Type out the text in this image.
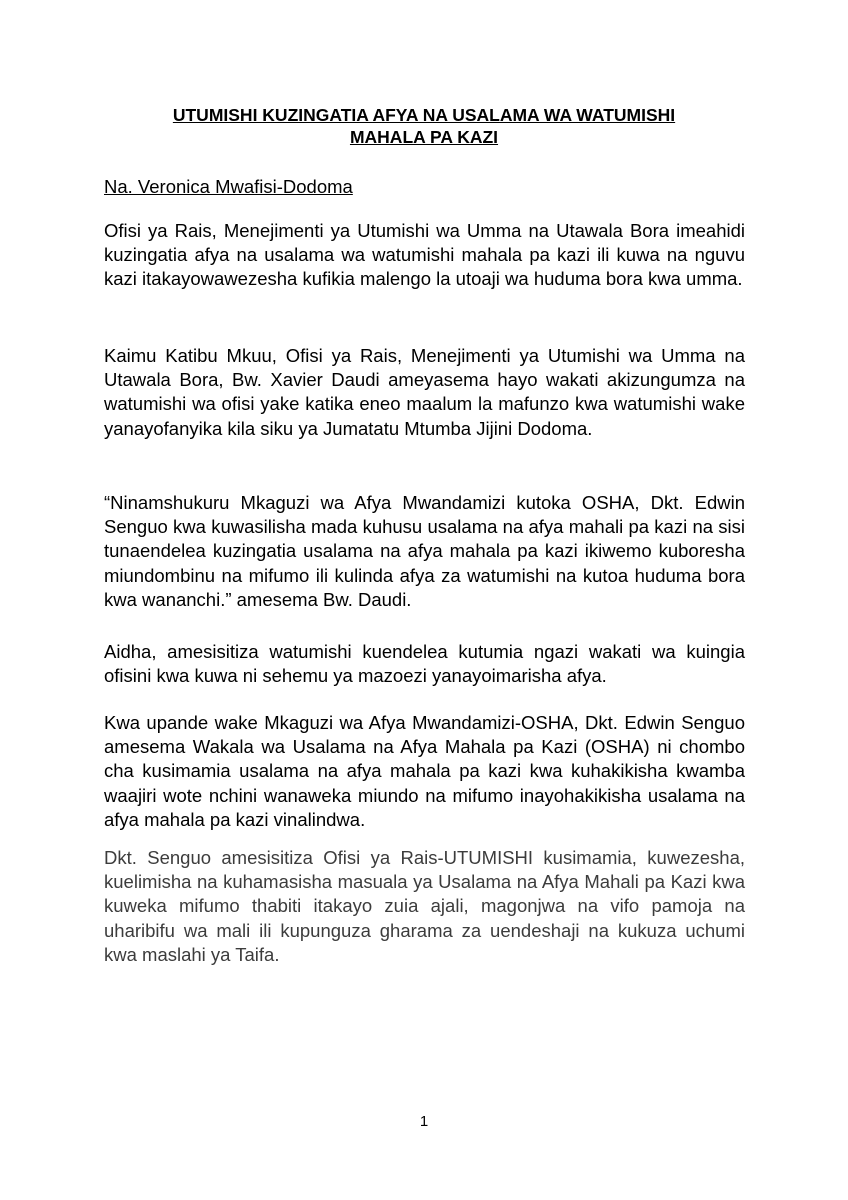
UTUMISHI KUZINGATIA AFYA NA USALAMA WA WATUMISHI
MAHALA PA KAZI
Na. Veronica Mwafisi-Dodoma

Ofisi ya Rais, Menejimenti ya Utumishi wa Umma na Utawala Bora imeahidi kuzingatia afya na usalama wa watumishi mahala pa kazi ili kuwa na nguvu kazi itakayowawezesha kufikia malengo la utoaji wa huduma bora kwa umma.

Kaimu Katibu Mkuu, Ofisi ya Rais, Menejimenti ya Utumishi wa Umma na Utawala Bora, Bw. Xavier Daudi ameyasema hayo wakati akizungumza na watumishi wa ofisi yake katika eneo maalum la mafunzo kwa watumishi wake yanayofanyika kila siku ya Jumatatu Mtumba Jijini Dodoma.

“Ninamshukuru Mkaguzi wa Afya Mwandamizi kutoka OSHA, Dkt. Edwin Senguo kwa kuwasilisha mada kuhusu usalama na afya mahali pa kazi na sisi tunaendelea kuzingatia usalama na afya mahala pa kazi ikiwemo kuboresha miundombinu na mifumo ili kulinda afya za watumishi na kutoa huduma bora kwa wananchi.” amesema Bw. Daudi.

Aidha, amesisitiza watumishi kuendelea kutumia ngazi wakati wa kuingia ofisini kwa kuwa ni sehemu ya mazoezi yanayoimarisha afya.

Kwa upande wake Mkaguzi wa Afya Mwandamizi-OSHA, Dkt. Edwin Senguo amesema Wakala wa Usalama na Afya Mahala pa Kazi (OSHA) ni chombo cha kusimamia usalama na afya mahala pa kazi kwa kuhakikisha kwamba waajiri wote nchini wanaweka miundo na mifumo inayohakikisha usalama na afya mahala pa kazi vinalindwa.

Dkt. Senguo amesisitiza Ofisi ya Rais-UTUMISHI kusimamia, kuwezesha, kuelimisha na kuhamasisha masuala ya Usalama na Afya Mahali pa Kazi kwa kuweka mifumo thabiti itakayo zuia ajali, magonjwa na vifo pamoja na uharibifu wa mali ili kupunguza gharama za uendeshaji na kukuza uchumi kwa maslahi ya Taifa.

1
